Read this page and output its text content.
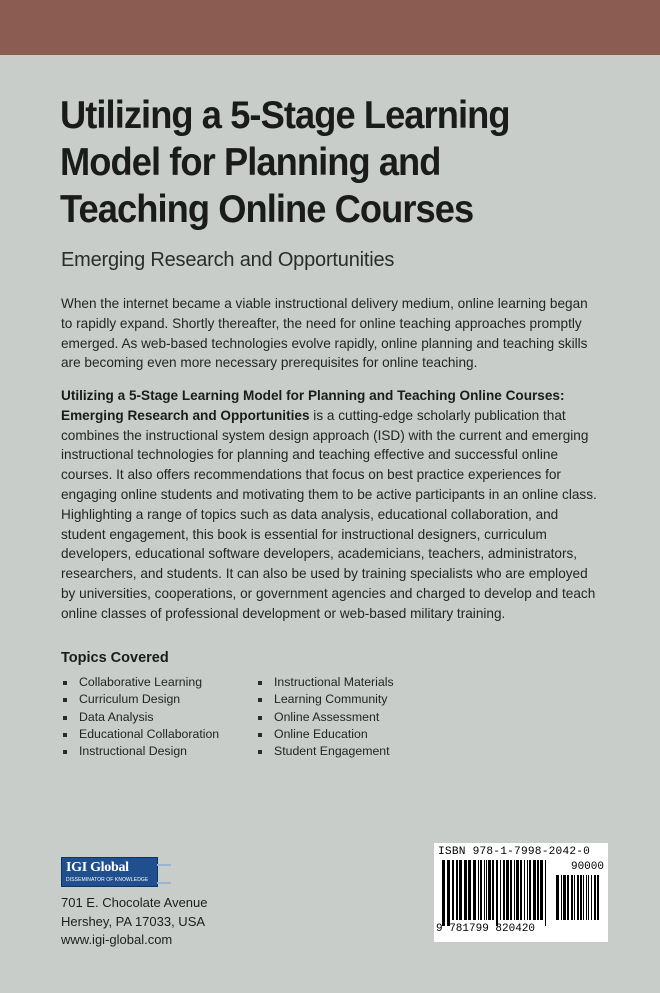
Utilizing a 5-Stage Learning
Model for Planning and
Teaching Online Courses
Emerging Research and Opportunities

When the internet became a viable instructional delivery medium, online learning began to rapidly expand. Shortly thereafter, the need for online teaching approaches promptly emerged. As web-based technologies evolve rapidly, online planning and teaching skills are becoming even more necessary prerequisites for online teaching.

Utilizing a 5-Stage Learning Model for Planning and Teaching Online Courses: Emerging Research and Opportunities is a cutting-edge scholarly publication that combines the instructional system design approach (ISD) with the current and emerging instructional technologies for planning and teaching effective and successful online courses. It also offers recommendations that focus on best practice experiences for engaging online students and motivating them to be active participants in an online class. Highlighting a range of topics such as data analysis, educational collaboration, and student engagement, this book is essential for instructional designers, curriculum developers, educational software developers, academicians, teachers, administrators, researchers, and students. It can also be used by training specialists who are employed by universities, cooperations, or government agencies and charged to develop and teach online classes of professional development or web-based military training.

Topics Covered
Collaborative Learning
Curriculum Design
Data Analysis
Educational Collaboration
Instructional Design
Instructional Materials
Learning Community
Online Assessment
Online Education
Student Engagement
IGI Global
DISSEMINATOR OF KNOWLEDGE
701 E. Chocolate Avenue
Hershey, PA 17033, USA
www.igi-global.com
ISBN 978-1-7998-2042-0
90000
9 781799 820420
